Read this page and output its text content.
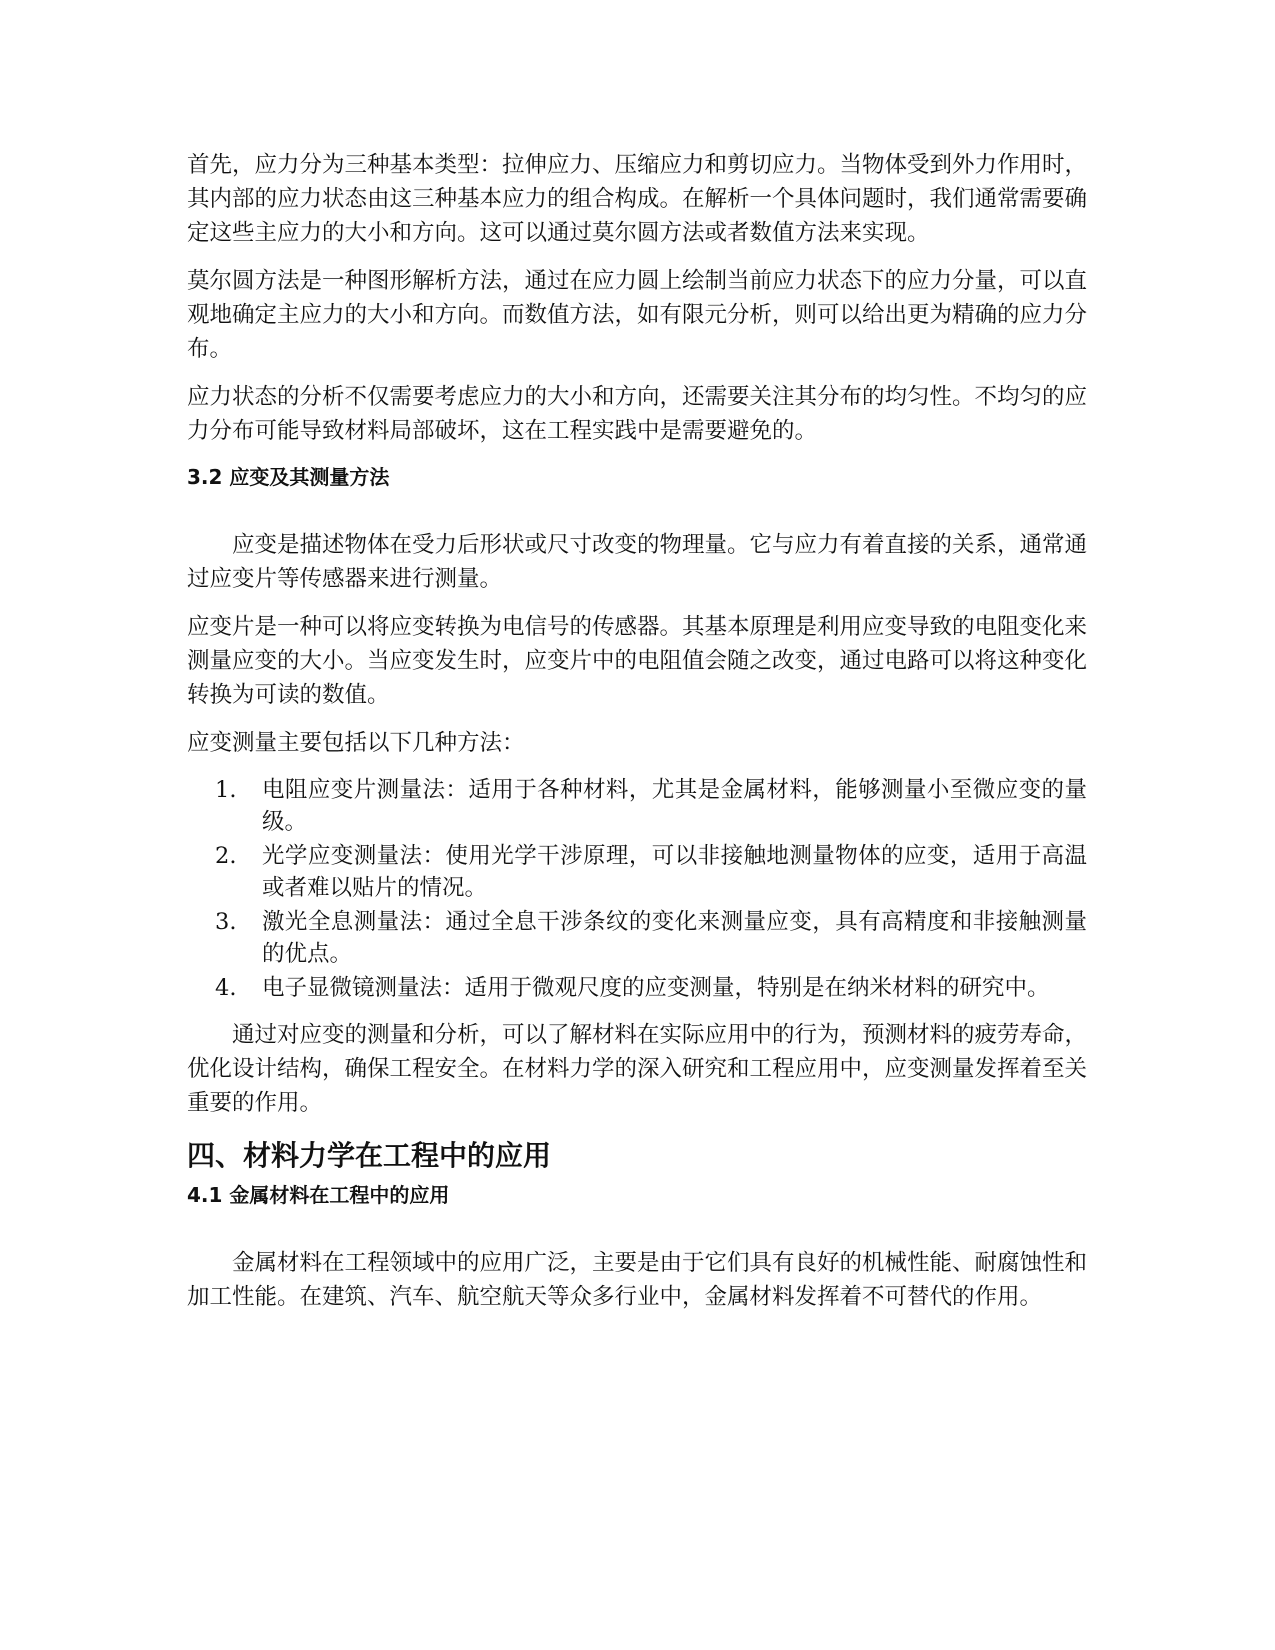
首先，应力分为三种基本类型：拉伸应力、压缩应力和剪切应力。当物体受到外力作用时，其内部的应力状态由这三种基本应力的组合构成。在解析一个具体问题时，我们通常需要确定这些主应力的大小和方向。这可以通过莫尔圆方法或者数值方法来实现。

莫尔圆方法是一种图形解析方法，通过在应力圆上绘制当前应力状态下的应力分量，可以直观地确定主应力的大小和方向。而数值方法，如有限元分析，则可以给出更为精确的应力分布。

应力状态的分析不仅需要考虑应力的大小和方向，还需要关注其分布的均匀性。不均匀的应力分布可能导致材料局部破坏，这在工程实践中是需要避免的。

3.2 应变及其测量方法

应变是描述物体在受力后形状或尺寸改变的物理量。它与应力有着直接的关系，通常通过应变片等传感器来进行测量。

应变片是一种可以将应变转换为电信号的传感器。其基本原理是利用应变导致的电阻变化来测量应变的大小。当应变发生时，应变片中的电阻值会随之改变，通过电路可以将这种变化转换为可读的数值。

应变测量主要包括以下几种方法：

1.	电阻应变片测量法：适用于各种材料，尤其是金属材料，能够测量小至微应变的量级。
2.	光学应变测量法：使用光学干涉原理，可以非接触地测量物体的应变，适用于高温或者难以贴片的情况。
3.	激光全息测量法：通过全息干涉条纹的变化来测量应变，具有高精度和非接触测量的优点。
4.	电子显微镜测量法：适用于微观尺度的应变测量，特别是在纳米材料的研究中。

通过对应变的测量和分析，可以了解材料在实际应用中的行为，预测材料的疲劳寿命，优化设计结构，确保工程安全。在材料力学的深入研究和工程应用中，应变测量发挥着至关重要的作用。

四、材料力学在工程中的应用
4.1 金属材料在工程中的应用

金属材料在工程领域中的应用广泛，主要是由于它们具有良好的机械性能、耐腐蚀性和加工性能。在建筑、汽车、航空航天等众多行业中，金属材料发挥着不可替代的作用。
